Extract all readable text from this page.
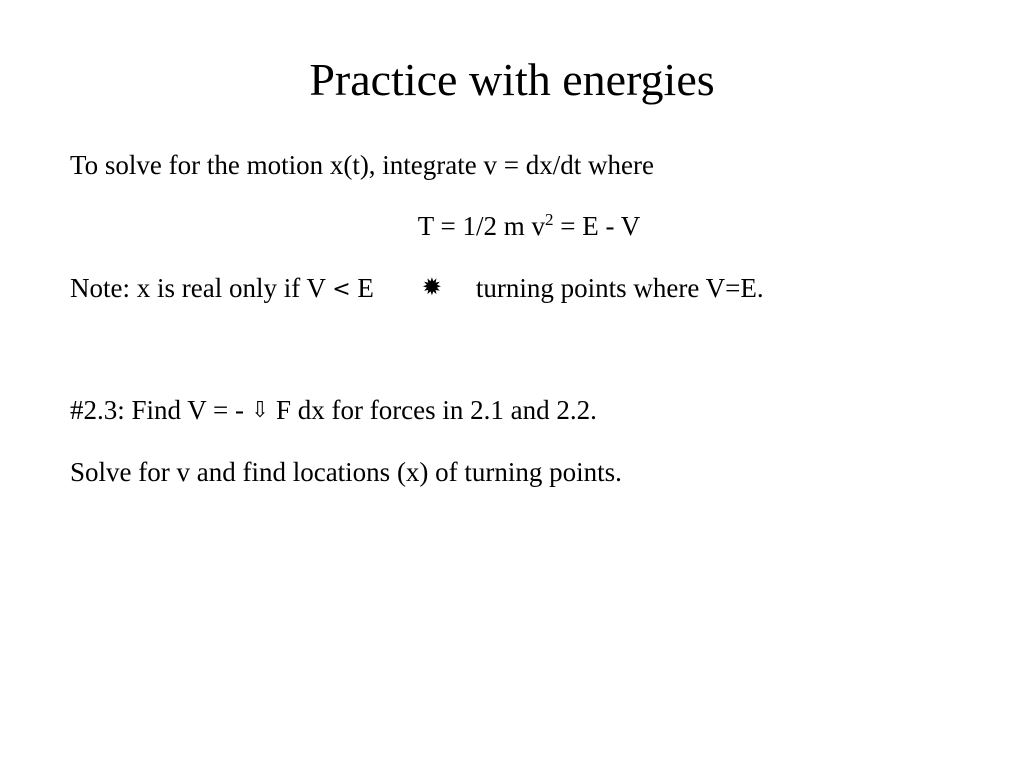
Practice with energies
To solve for the motion x(t), integrate v = dx/dt where
T = 1/2 m $v^2 = E - V$
Note: x is real only if V < E ✹ turning points where V=E.
#2.3: Find V = - ⇩ F dx for forces in 2.1 and 2.2.
Solve for v and find locations (x) of turning points.
